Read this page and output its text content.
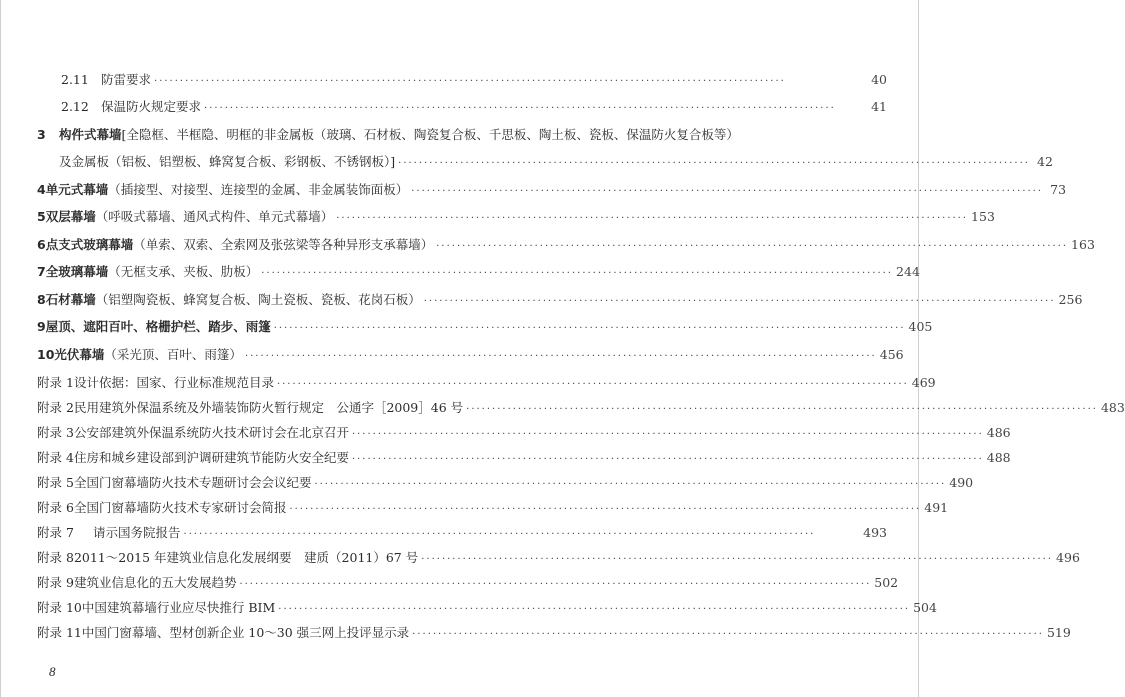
2.11 防雷要求 ··························································································································	40
2.12 保温防火规定要求 ··························································································································	41
3	构件式幕墙 [全隐框、半框隐、明框的非金属板（玻璃、石材板、陶瓷复合板、千思板、陶土板、瓷板、保温防火复合板等）
及金属板（铝板、铝塑板、蜂窝复合板、彩钢板、不锈钢板）] ·························································································································· 42
4 单元式幕墙 （插接型、对接型、连接型的金属、非金属装饰面板） ·························································································································· 73
5 双层幕墙 （呼吸式幕墙、通风式构件、单元式幕墙） ·························································································································· 153
6 点支式玻璃幕墙 （单索、双索、全索网及张弦梁等各种异形支承幕墙） ·························································································································· 163
7 全玻璃幕墙 （无框支承、夹板、肋板） ·························································································································· 244
8 石材幕墙 （铝塑陶瓷板、蜂窝复合板、陶土瓷板、瓷板、花岗石板） ·························································································································· 256
9 屋顶、遮阳百叶、格栅护栏、踏步、雨篷 ·························································································································· 405
10 光伏幕墙 （采光顶、百叶、雨篷） ·························································································································· 456
附录 1 设计依据：国家、行业标准规范目录 ·························································································································· 469
附录 2 民用建筑外保温系统及外墙装饰防火暂行规定　公通字［2009］46 号 ·························································································································· 483
附录 3 公安部建筑外保温系统防火技术研讨会在北京召开 ·························································································································· 486
附录 4 住房和城乡建设部到沪调研建筑节能防火安全纪要 ·························································································································· 488
附录 5 全国门窗幕墙防火技术专题研讨会会议纪要 ·························································································································· 490
附录 6 全国门窗幕墙防火技术专家研讨会简报 ·························································································································· 491
附录 7	请示国务院报告 ··························································································································	493
附录 8 2011～2015 年建筑业信息化发展纲要　建质（2011）67 号 ·························································································································· 496
附录 9 建筑业信息化的五大发展趋势 ·························································································································· 502
附录 10 中国建筑幕墙行业应尽快推行 BIM ·························································································································· 504
附录 11 中国门窗幕墙、型材创新企业 10～30 强三网上投评显示录 ·························································································································· 519
8
